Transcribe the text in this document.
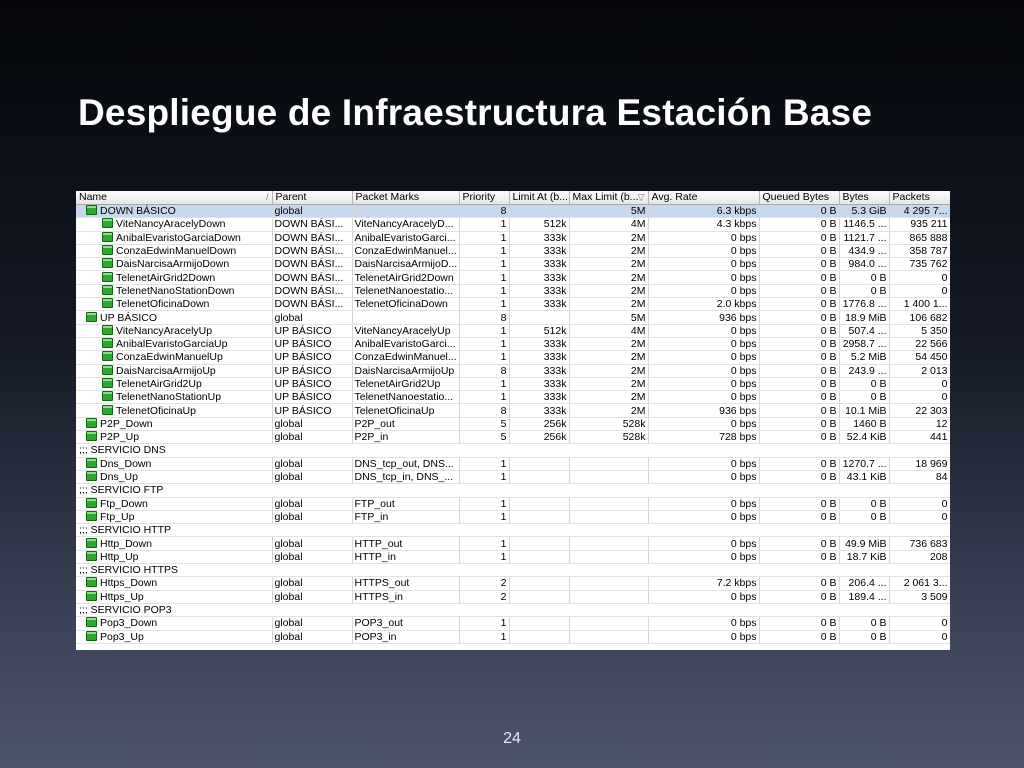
Despliegue de Infraestructura Estación Base
Name /	Parent	Packet Marks	Priority	Limit At (b...	Max Limit (b... ▽	Avg. Rate	Queued Bytes	Bytes	Packets
DOWN BÁSICO	global		8		5M	6.3 kbps	0 B	5.3 GiB	4 295 7...
ViteNancyAracelyDown	DOWN BÁSI...	ViteNancyAracelyD...	1	512k	4M	4.3 kbps	0 B	1146.5 ...	935 211
AnibalEvaristoGarciaDown	DOWN BÁSI...	AnibalEvaristoGarci...	1	333k	2M	0 bps	0 B	1121.7 ...	865 888
ConzaEdwinManuelDown	DOWN BÁSI...	ConzaEdwinManuel...	1	333k	2M	0 bps	0 B	434.9 ...	358 787
DaisNarcisaArmijoDown	DOWN BÁSI...	DaisNarcisaArmijoD...	1	333k	2M	0 bps	0 B	984.0 ...	735 762
TelenetAirGrid2Down	DOWN BÁSI...	TelenetAirGrid2Down	1	333k	2M	0 bps	0 B	0 B	0
TelenetNanoStationDown	DOWN BÁSI...	TelenetNanoestatio...	1	333k	2M	0 bps	0 B	0 B	0
TelenetOficinaDown	DOWN BÁSI...	TelenetOficinaDown	1	333k	2M	2.0 kbps	0 B	1776.8 ...	1 400 1...
UP BÁSICO	global		8		5M	936 bps	0 B	18.9 MiB	106 682
ViteNancyAracelyUp	UP BÁSICO	ViteNancyAracelyUp	1	512k	4M	0 bps	0 B	507.4 ...	5 350
AnibalEvaristoGarciaUp	UP BÁSICO	AnibalEvaristoGarci...	1	333k	2M	0 bps	0 B	2958.7 ...	22 566
ConzaEdwinManuelUp	UP BÁSICO	ConzaEdwinManuel...	1	333k	2M	0 bps	0 B	5.2 MiB	54 450
DaisNarcisaArmijoUp	UP BÁSICO	DaisNarcisaArmijoUp	8	333k	2M	0 bps	0 B	243.9 ...	2 013
TelenetAirGrid2Up	UP BÁSICO	TelenetAirGrid2Up	1	333k	2M	0 bps	0 B	0 B	0
TelenetNanoStationUp	UP BÁSICO	TelenetNanoestatio...	1	333k	2M	0 bps	0 B	0 B	0
TelenetOficinaUp	UP BÁSICO	TelenetOficinaUp	8	333k	2M	936 bps	0 B	10.1 MiB	22 303
P2P_Down	global	P2P_out	5	256k	528k	0 bps	0 B	1460 B	12
P2P_Up	global	P2P_in	5	256k	528k	728 bps	0 B	52.4 KiB	441
;;; SERVICIO DNS									
Dns_Down	global	DNS_tcp_out, DNS...	1			0 bps	0 B	1270.7 ...	18 969
Dns_Up	global	DNS_tcp_in, DNS_...	1			0 bps	0 B	43.1 KiB	84
;;; SERVICIO FTP									
Ftp_Down	global	FTP_out	1			0 bps	0 B	0 B	0
Ftp_Up	global	FTP_in	1			0 bps	0 B	0 B	0
;;; SERVICIO HTTP									
Http_Down	global	HTTP_out	1			0 bps	0 B	49.9 MiB	736 683
Http_Up	global	HTTP_in	1			0 bps	0 B	18.7 KiB	208
;;; SERVICIO HTTPS									
Https_Down	global	HTTPS_out	2			7.2 kbps	0 B	206.4 ...	2 061 3...
Https_Up	global	HTTPS_in	2			0 bps	0 B	189.4 ...	3 509
;;; SERVICIO POP3									
Pop3_Down	global	POP3_out	1			0 bps	0 B	0 B	0
Pop3_Up	global	POP3_in	1			0 bps	0 B	0 B	0
24
